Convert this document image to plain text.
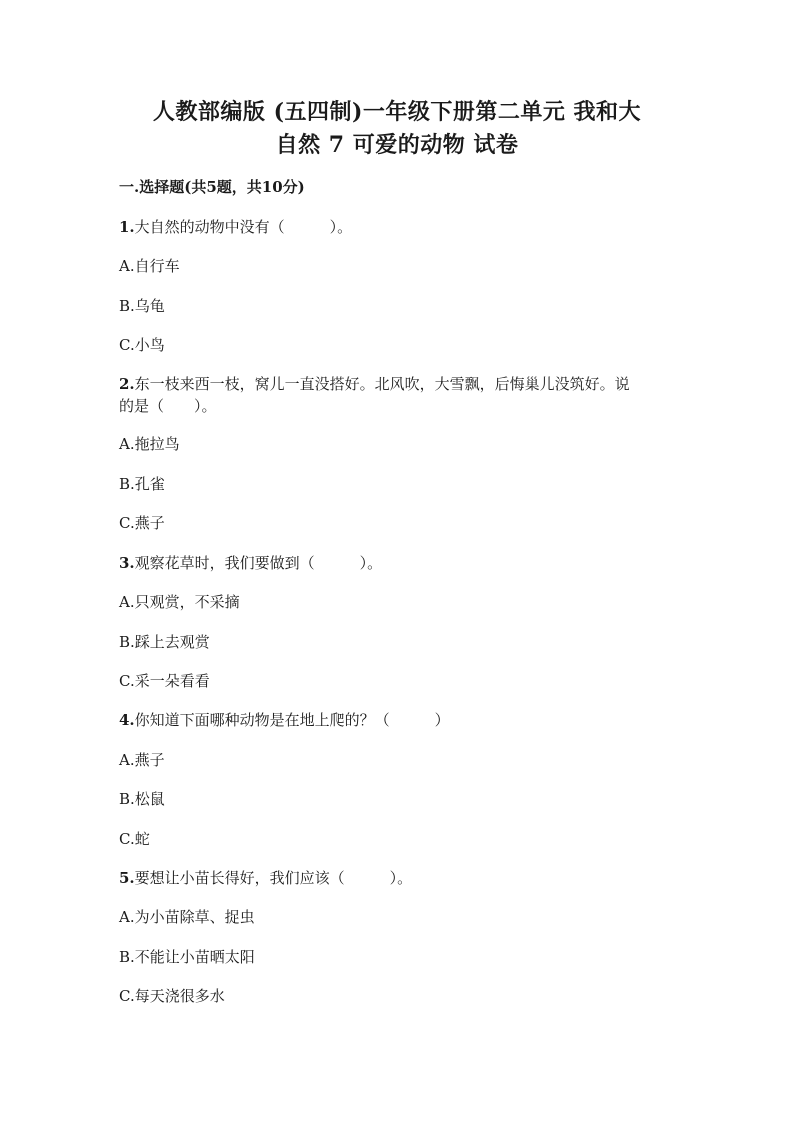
人教部编版 (五四制)一年级下册第二单元 我和大
自然 7 可爱的动物 试卷
一.选择题(共5题，共10分)
1.大自然的动物中没有（　　　）。
A.自行车
B.乌龟
C.小鸟
2.东一枝来西一枝，窝儿一直没搭好。北风吹，大雪飘，后悔巢儿没筑好。说
的是（　　）。
A.拖拉鸟
B.孔雀
C.燕子
3.观察花草时，我们要做到（　　　）。
A.只观赏，不采摘
B.踩上去观赏
C.采一朵看看
4.你知道下面哪种动物是在地上爬的？（　　　）
A.燕子
B.松鼠
C.蛇
5.要想让小苗长得好，我们应该（　　　）。
A.为小苗除草、捉虫
B.不能让小苗晒太阳
C.每天浇很多水
